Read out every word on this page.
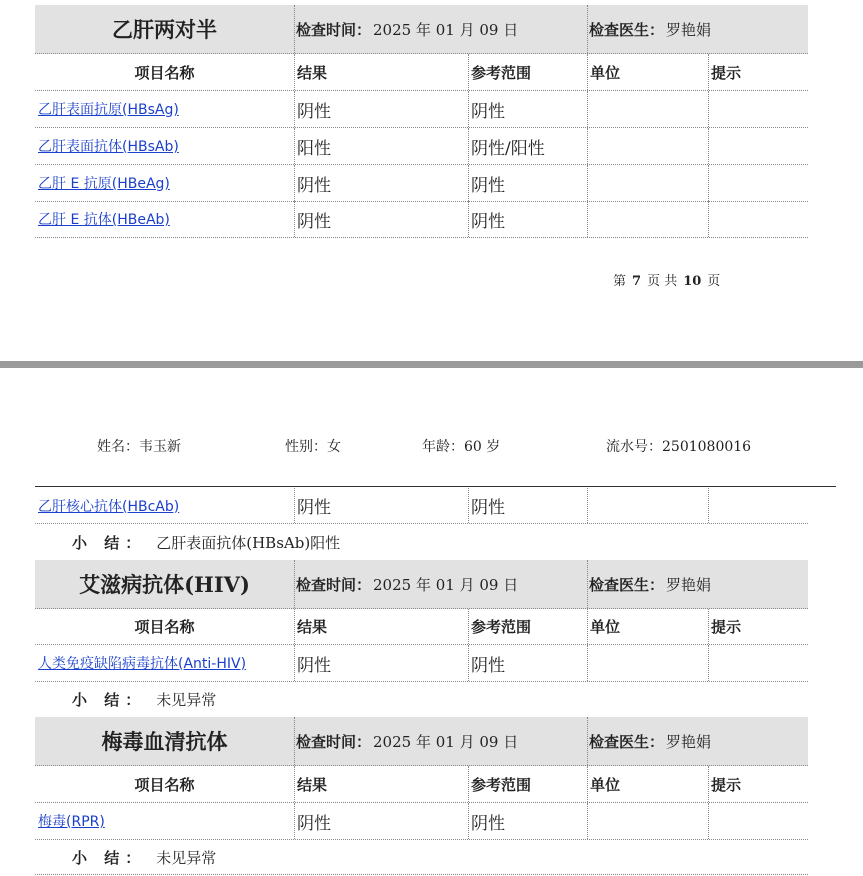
乙肝两对半	检查时间： 2025 年 01 月 09 日	检查医生： 罗艳娟
项目名称	结果	参考范围	单位	提示
乙肝表面抗原(HBsAg)	阴性	阴性
乙肝表面抗体(HBsAb)	阳性	阴性/阳性
乙肝 E 抗原(HBeAg)	阴性	阴性
乙肝 E 抗体(HBeAb)	阴性	阴性
第 7 页 共 10 页
姓名：韦玉新	性别：女	年龄：60 岁	流水号：2501080016
乙肝核心抗体(HBcAb)	阴性	阴性
小 结： 乙肝表面抗体(HBsAb)阳性
艾滋病抗体(HIV)	检查时间： 2025 年 01 月 09 日	检查医生： 罗艳娟
项目名称	结果	参考范围	单位	提示
人类免疫缺陷病毒抗体(Anti-HIV)	阴性	阴性
小 结： 未见异常
梅毒血清抗体	检查时间： 2025 年 01 月 09 日	检查医生： 罗艳娟
项目名称	结果	参考范围	单位	提示
梅毒(RPR)	阴性	阴性
小 结： 未见异常
